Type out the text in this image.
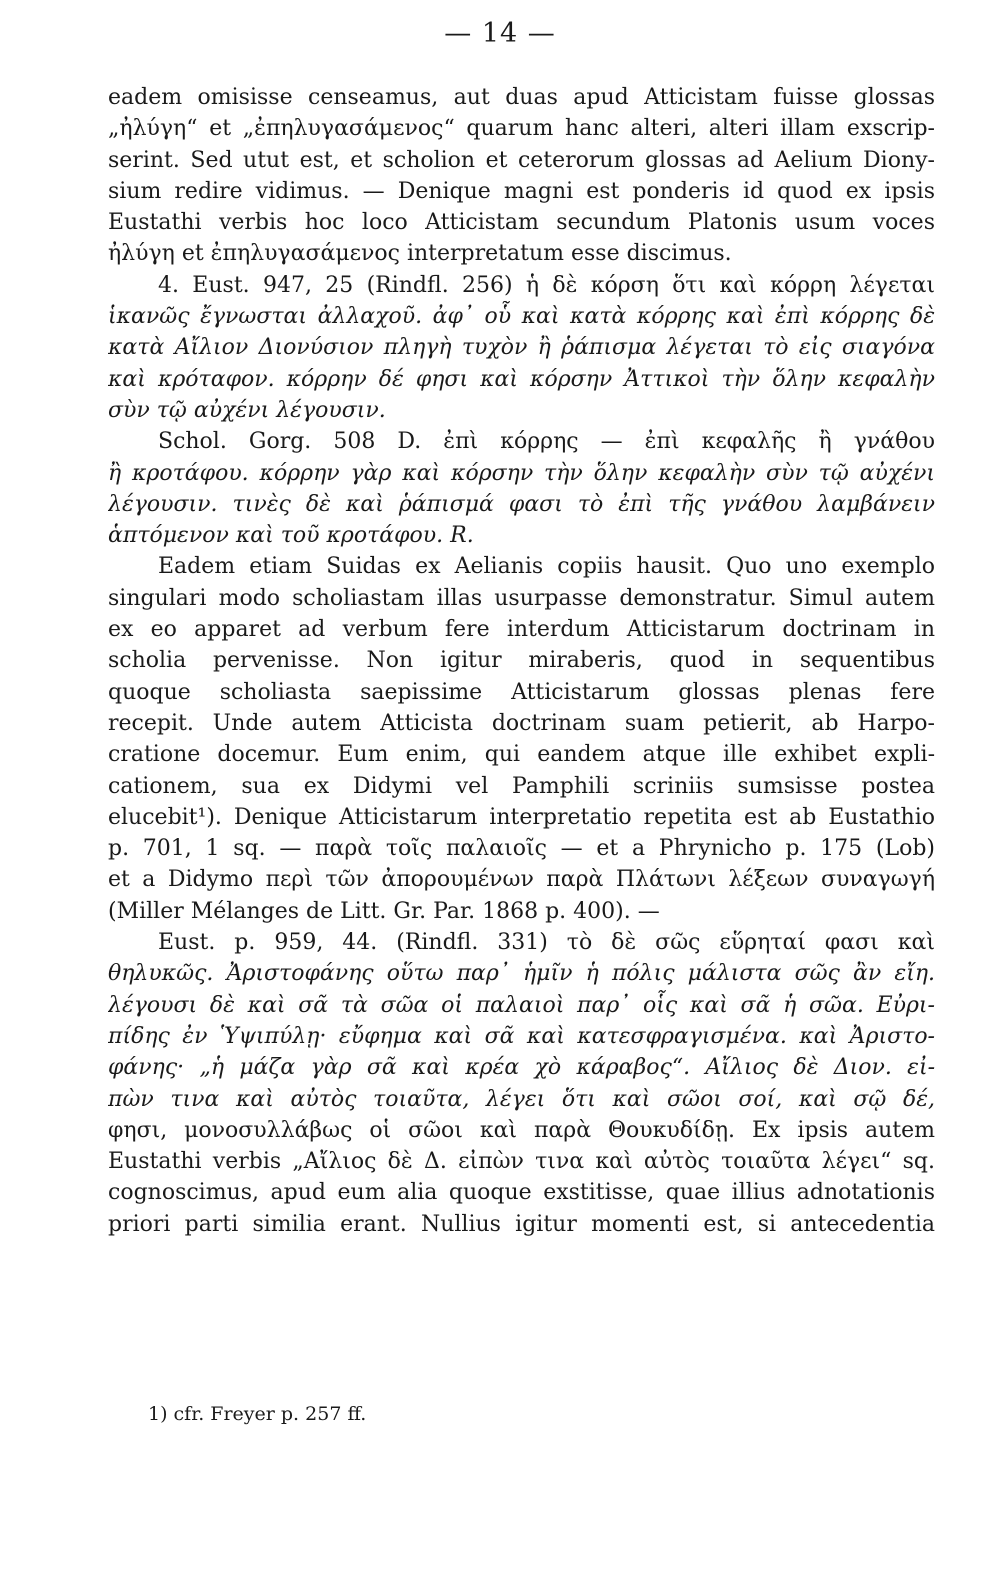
— 14 —
eadem omisisse censeamus, aut duas apud Atticistam fuisse glossas
„ἠλύγη“ et „ἐπηλυγασάμενος“ quarum hanc alteri, alteri illam exscrip-
serint. Sed utut est, et scholion et ceterorum glossas ad Aelium Diony-
sium redire vidimus. — Denique magni est ponderis id quod ex ipsis
Eustathi verbis hoc loco Atticistam secundum Platonis usum voces
ἠλύγη et ἐπηλυγασάμενος interpretatum esse discimus.
4. Eust. 947, 25 (Rindfl. 256) ἡ δὲ κόρση ὅτι καὶ κόρρη λέγεται
ἱκανῶς ἔγνωσται ἀλλαχοῦ. ἀφ᾽ οὗ καὶ κατὰ κόρρης καὶ ἐπὶ κόρρης δὲ
κατὰ Αἴλιον Διονύσιον πληγὴ τυχὸν ἢ ῥάπισμα λέγεται τὸ εἰς σιαγόνα
καὶ κρόταφον. κόρρην δέ φησι καὶ κόρσην Ἀττικοὶ τὴν ὅλην κεφαλὴν
σὺν τῷ αὐχένι λέγουσιν.
Schol. Gorg. 508 D. ἐπὶ κόρρης — ἐπὶ κεφαλῆς ἢ γνάθου
ἢ κροτάφου. κόρρην γὰρ καὶ κόρσην τὴν ὅλην κεφαλὴν σὺν τῷ αὐχένι
λέγουσιν. τινὲς δὲ καὶ ῥάπισμά φασι τὸ ἐπὶ τῆς γνάθου λαμβάνειν
ἁπτόμενον καὶ τοῦ κροτάφου. R.
Eadem etiam Suidas ex Aelianis copiis hausit. Quo uno exemplo
singulari modo scholiastam illas usurpasse demonstratur. Simul autem
ex eo apparet ad verbum fere interdum Atticistarum doctrinam in
scholia pervenisse. Non igitur miraberis, quod in sequentibus
quoque scholiasta saepissime Atticistarum glossas plenas fere
recepit. Unde autem Atticista doctrinam suam petierit, ab Harpo-
cratione docemur. Eum enim, qui eandem atque ille exhibet expli-
cationem, sua ex Didymi vel Pamphili scriniis sumsisse postea
elucebit¹). Denique Atticistarum interpretatio repetita est ab Eustathio
p. 701, 1 sq. — παρὰ τοῖς παλαιοῖς — et a Phrynicho p. 175 (Lob)
et a Didymo περὶ τῶν ἀπορουμένων παρὰ Πλάτωνι λέξεων συναγωγή
(Miller Mélanges de Litt. Gr. Par. 1868 p. 400). —
Eust. p. 959, 44. (Rindfl. 331) τὸ δὲ σῶς εὕρηταί φασι καὶ
θηλυκῶς. Ἀριστοφάνης οὕτω παρ᾽ ἡμῖν ἡ πόλις μάλιστα σῶς ἂν εἴη.
λέγουσι δὲ καὶ σᾶ τὰ σῶα οἱ παλαιοὶ παρ᾽ οἷς καὶ σᾶ ἡ σῶα. Εὐρι-
πίδης ἐν Ὑψιπύλῃ· εὔφημα καὶ σᾶ καὶ κατεσφραγισμένα. καὶ Ἀριστο-
φάνης· „ἡ μάζα γὰρ σᾶ καὶ κρέα χὸ κάραβος“. Αἴλιος δὲ Διον. εἰ-
πὼν τινα καὶ αὐτὸς τοιαῦτα, λέγει ὅτι καὶ σῶοι σοί, καὶ σῷ δέ,
φησι, μονοσυλλάβως οἱ σῶοι καὶ παρὰ Θουκυδίδῃ. Ex ipsis autem
Eustathi verbis „Αἴλιος δὲ Δ. εἰπὼν τινα καὶ αὐτὸς τοιαῦτα λέγει“ sq.
cognoscimus, apud eum alia quoque exstitisse, quae illius adnotationis
priori parti similia erant. Nullius igitur momenti est, si antecedentia
1) cfr. Freyer p. 257 ff.
